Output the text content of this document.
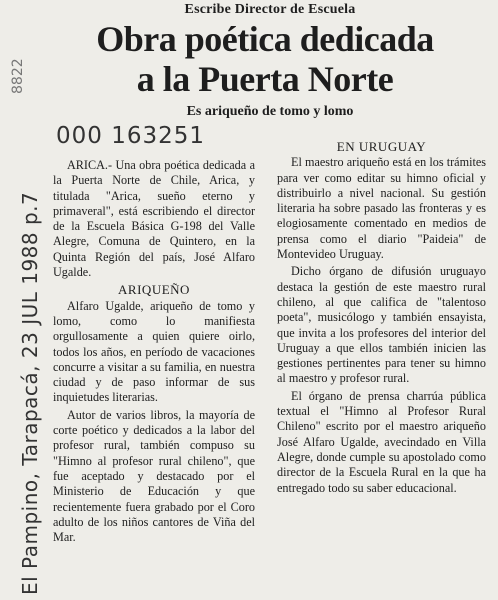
Escribe Director de Escuela
Obra poética dedicada
a la Puerta Norte
Es ariqueño de tomo y lomo
8822
000 163251
El Pampino, Tarapacá, 23 JUL 1988 p.7

ARICA.- Una obra poética dedicada a la Puerta Norte de Chile, Arica, y titulada "Arica, sueño eterno y primaveral", está escribiendo el director de la Escuela Básica G-198 del Valle Alegre, Comuna de Quintero, en la Quinta Región del país, José Alfaro Ugalde.

ARIQUEÑO

Alfaro Ugalde, ariqueño de tomo y lomo, como lo manifiesta orgullosamente a quien quiere oirlo, todos los años, en período de vacaciones concurre a visitar a su familia, en nuestra ciudad y de paso informar de sus inquietudes literarias.

Autor de varios libros, la mayoría de corte poético y dedicados a la labor del profesor rural, también compuso su "Himno al profesor rural chileno", que fue aceptado y destacado por el Ministerio de Educación y que recientemente fuera grabado por el Coro adulto de los niños cantores de Viña del Mar.

EN URUGUAY

El maestro ariqueño está en los trámites para ver como editar su himno oficial y distribuirlo a nivel nacional. Su gestión literaria ha sobre pasado las fronteras y es elogiosamente comentado en medios de prensa como el diario "Paideia" de Montevideo Uruguay.

Dicho órgano de difusión uruguayo destaca la gestión de este maestro rural chileno, al que califica de "talentoso poeta", musicólogo y también ensayista, que invita a los profesores del interior del Uruguay a que ellos también inicien las gestiones pertinentes para tener su himno al maestro y profesor rural.

El órgano de prensa charrúa pública textual el "Himno al Profesor Rural Chileno" escrito por el maestro ariqueño José Alfaro Ugalde, avecindado en Villa Alegre, donde cumple su apostolado como director de la Escuela Rural en la que ha entregado todo su saber educacional.
